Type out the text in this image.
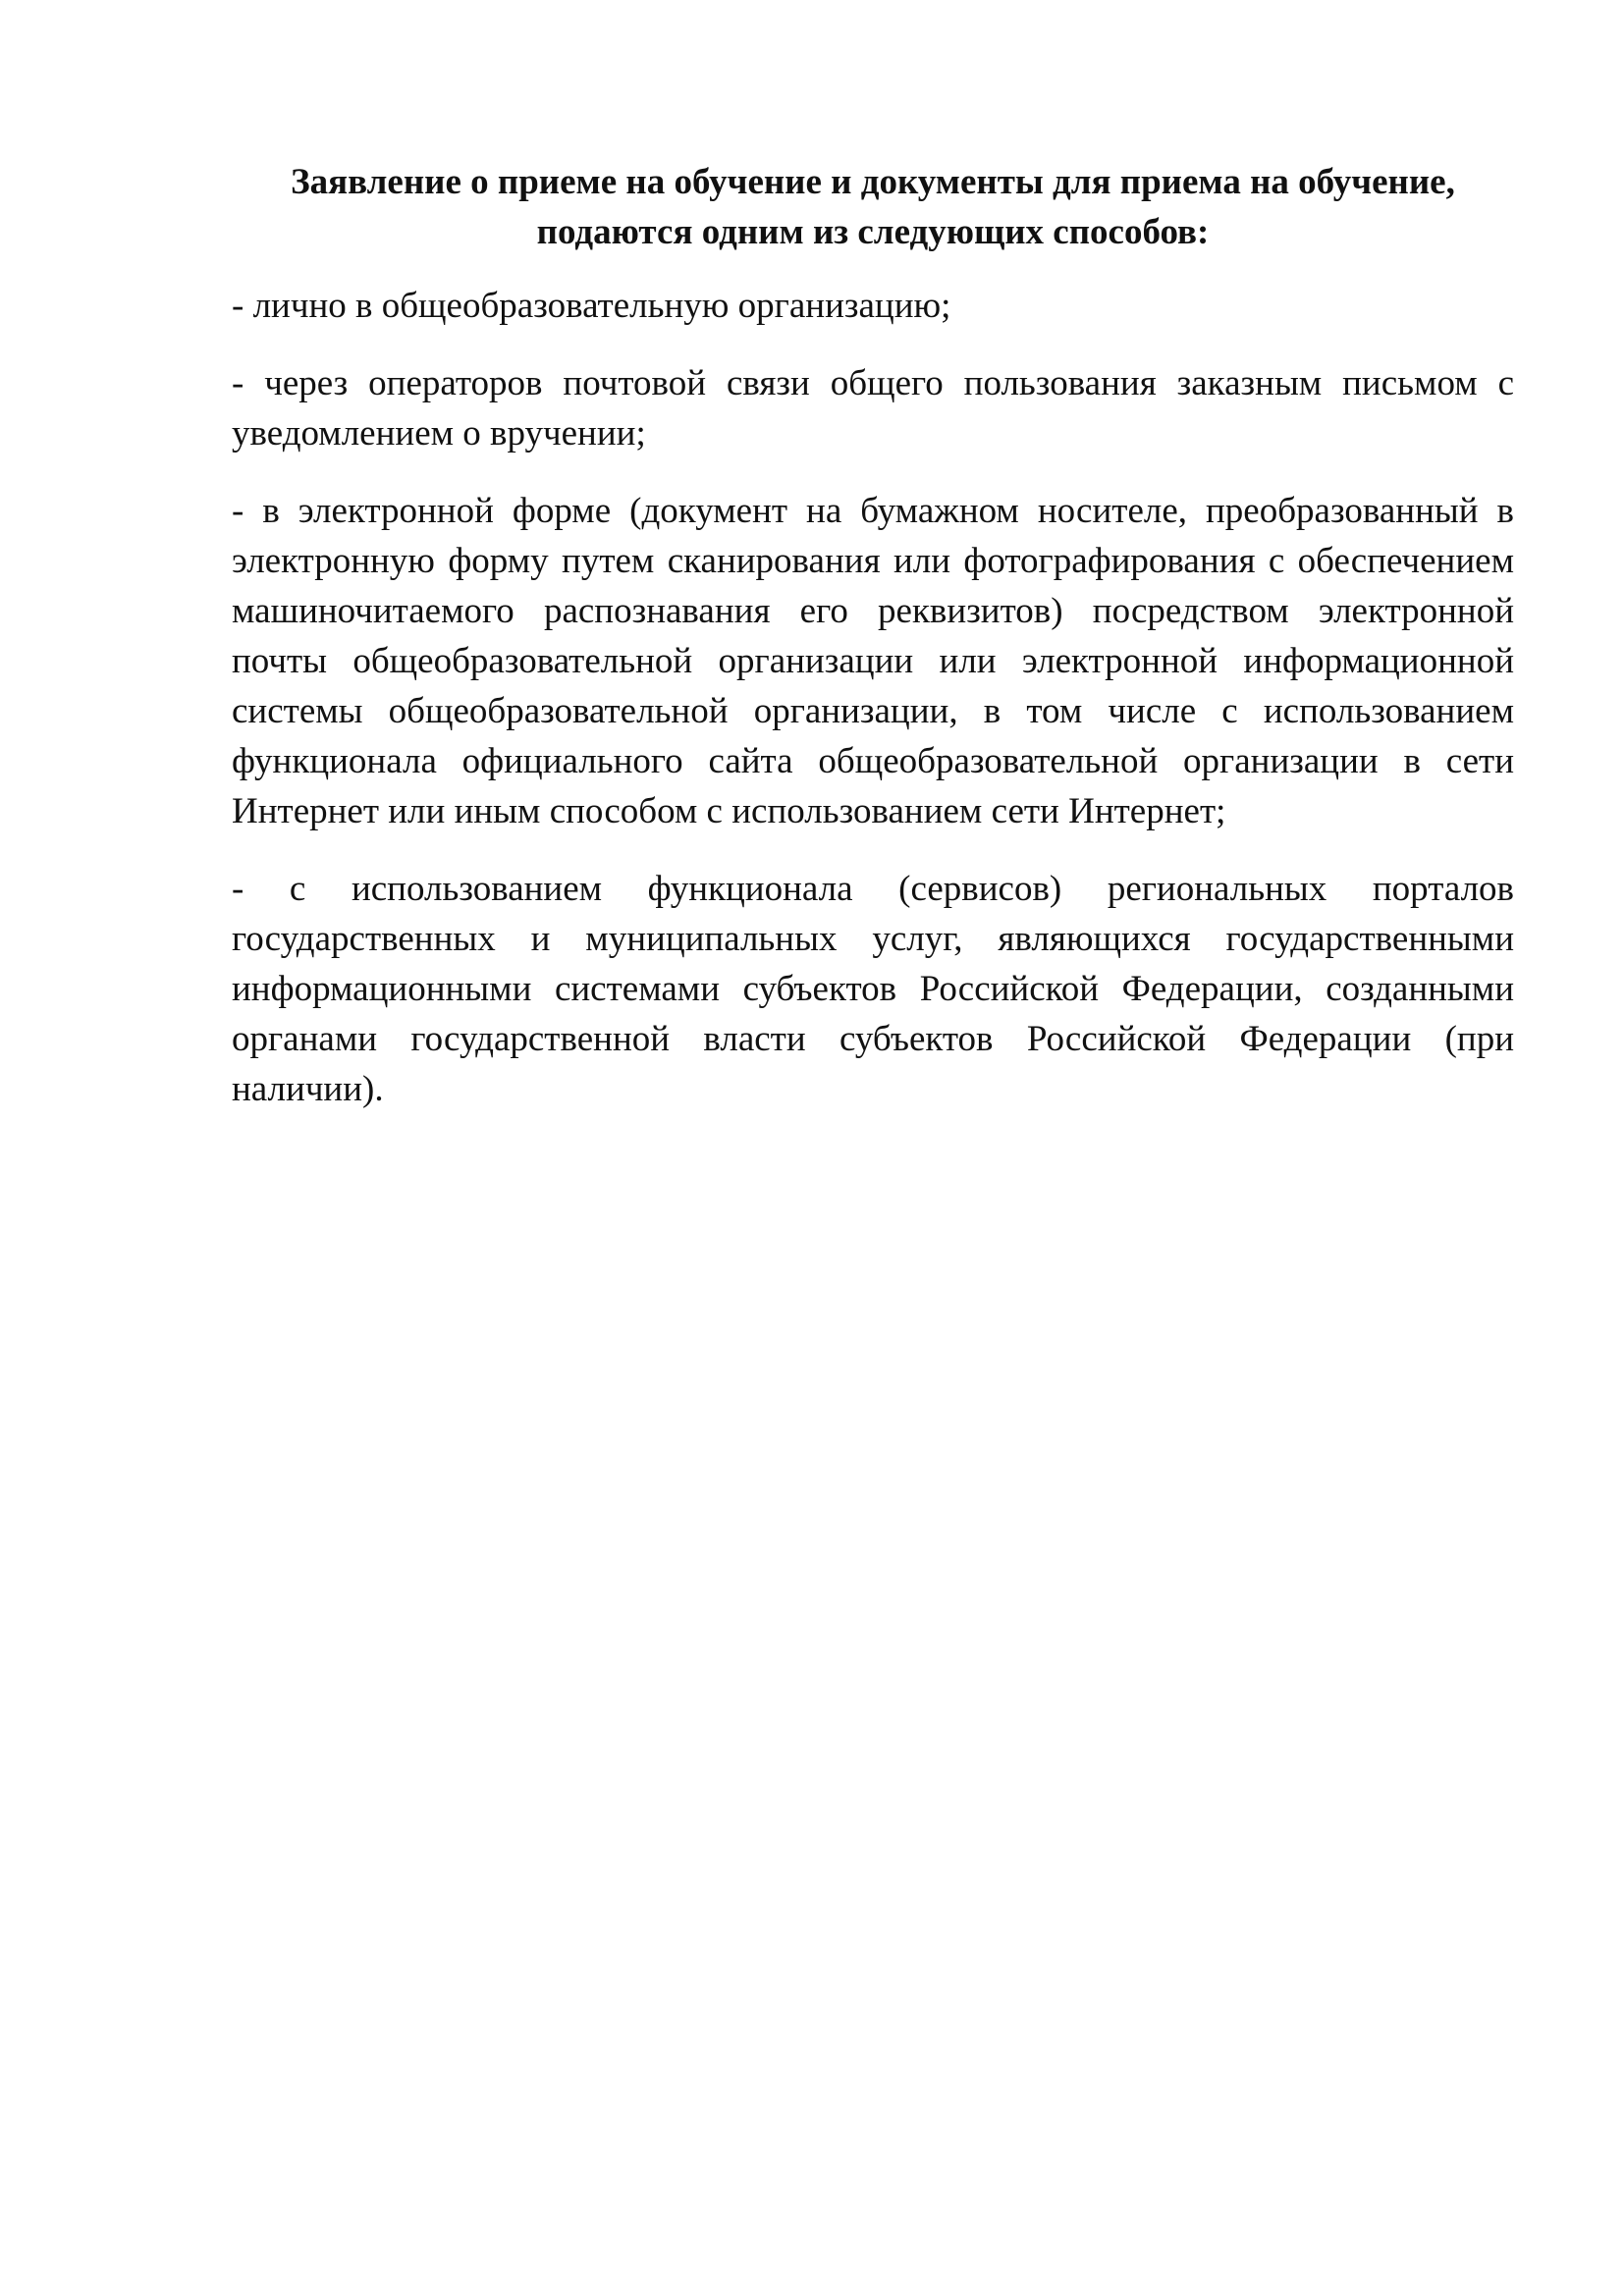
Заявление о приеме на обучение и документы для приема на обучение,
подаются одним из следующих способов:

- лично в общеобразовательную организацию;

- через операторов почтовой связи общего пользования заказным письмом с уведомлением о вручении;

- в электронной форме (документ на бумажном носителе, преобразованный в электронную форму путем сканирования или фотографирования с обеспечением машиночитаемого распознавания его реквизитов) посредством электронной почты общеобразовательной организации или электронной информационной системы общеобразовательной организации, в том числе с использованием функционала официального сайта общеобразовательной организации в сети Интернет или иным способом с использованием сети Интернет;

- с использованием функционала (сервисов) региональных порталов государственных и муниципальных услуг, являющихся государственными информационными системами субъектов Российской Федерации, созданными органами государственной власти субъектов Российской Федерации (при наличии).
